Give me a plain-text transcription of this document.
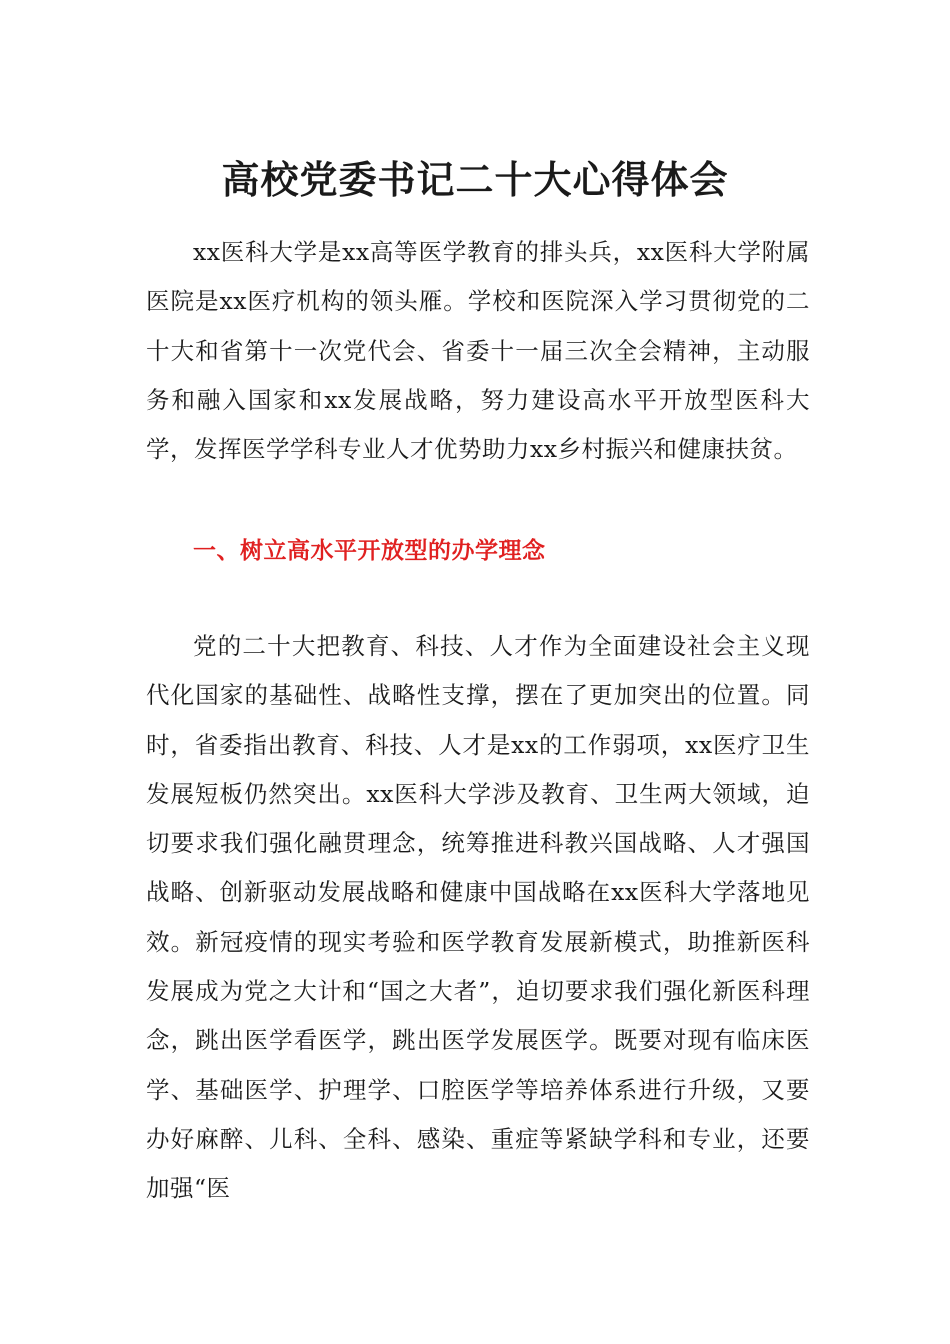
高校党委书记二十大心得体会

xx医科大学是xx高等医学教育的排头兵，xx医科大学附属医院是xx医疗机构的领头雁。学校和医院深入学习贯彻党的二十大和省第十一次党代会、省委十一届三次全会精神，主动服务和融入国家和xx发展战略，努力建设高水平开放型医科大学，发挥医学学科专业人才优势助力xx乡村振兴和健康扶贫。

一、树立高水平开放型的办学理念

党的二十大把教育、科技、人才作为全面建设社会主义现代化国家的基础性、战略性支撑，摆在了更加突出的位置。同时，省委指出教育、科技、人才是xx的工作弱项，xx医疗卫生发展短板仍然突出。xx医科大学涉及教育、卫生两大领域，迫切要求我们强化融贯理念，统筹推进科教兴国战略、人才强国战略、创新驱动发展战略和健康中国战略在xx医科大学落地见效。新冠疫情的现实考验和医学教育发展新模式，助推新医科发展成为党之大计和“国之大者”，迫切要求我们强化新医科理念，跳出医学看医学，跳出医学发展医学。既要对现有临床医学、基础医学、护理学、口腔医学等培养体系进行升级，又要办好麻醉、儿科、全科、感染、重症等紧缺学科和专业，还要加强“医
